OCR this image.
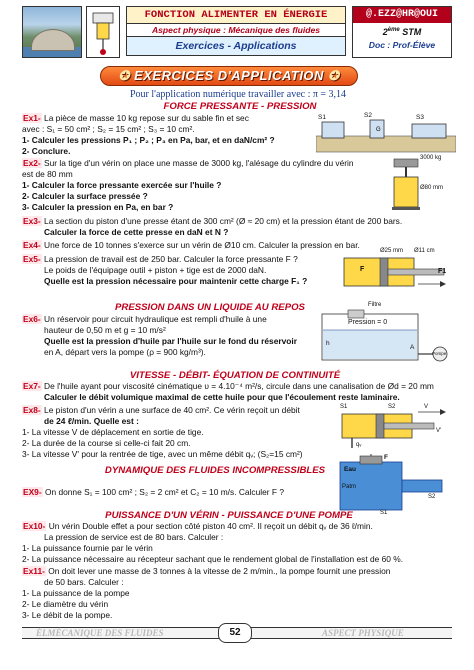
FONCTION ALIMENTER EN ÉNERGIE
Aspect physique : Mécanique des fluides
Exercices - Applications
@.EZZ@HR@OUI
2ème STM
Doc : Prof-Élève
✪ EXERCICES D'APPLICATION ✪
Pour l'application numérique travailler avec : π = 3,14
FORCE PRESSANTE - PRESSION
Ex1- La pièce de masse 10 kg repose sur du sable fin et sec
avec : S₁ = 50 cm² ; S₂ = 15 cm² ; S₃ = 10 cm².
1- Calculer les pressions P₁ ; P₂ ; P₃ en Pa, bar, et en daN/cm² ?
2- Conclure.
G
S1	S2	S3
Ex2- Sur la tige d'un vérin on place une masse de 3000 kg, l'alésage du cylindre du vérin
est de 80 mm
1- Calculer la force pressante exercée sur l'huile ?
2- Calculer la surface pressée ?
3- Calculer la pression en Pa, en bar ?
3000 kg
Ø80 mm
Ex3- La section du piston d'une presse étant de 300 cm² (Ø ≈ 20 cm) et la pression étant de 200 bars.
Calculer la force de cette presse en daN et N ?
Ex4- Une force de 10 tonnes s'exerce sur un vérin de Ø10 cm. Calculer la pression en bar.
Ex5- La pression de travail est de 250 bar. Calculer la force pressante F ?
Le poids de l'équipage outil + piston + tige est de 2000 daN.
Quelle est la pression nécessaire pour maintenir cette charge F₁ ?
Ø25 mm Ø11 cm
F	F1
PRESSION DANS UN LIQUIDE AU REPOS
Ex6- Un réservoir pour circuit hydraulique est rempli d'huile à une
hauteur de 0,50 m et g = 10 m/s²
Quelle est la pression d'huile par l'huile sur le fond du réservoir
en A, départ vers la pompe (ρ = 900 kg/m³).
Filtre
Pression = 0
h
A
Pompe
VITESSE - DÉBIT- ÉQUATION DE CONTINUITÉ
Ex7- De l'huile ayant pour viscosité cinématique υ = 4.10⁻⁴ m²/s, circule dans une canalisation de Ød = 20 mm
Calculer le débit volumique maximal de cette huile pour que l'écoulement reste laminaire.
Ex8- Le piston d'un vérin a une surface de 40 cm². Ce vérin reçoit un débit
de 24 ℓ/min. Quelle est :
1- La vitesse V de déplacement en sortie de tige.
2- La durée de la course si celle-ci fait 20 cm.
3- La vitesse V' pour la rentrée de tige, avec un même débit qᵥ; (S₂=15 cm²)
S1	S2	V
V'
qᵥ
DYNAMIQUE DES FLUIDES INCOMPRESSIBLES
EX9- On donne S₁ = 100 cm² ; S₂ = 2 cm² et C₂ = 10 m/s. Calculer F ?
Eau
F
Patm
S2
S1
PUISSANCE D'UN VÉRIN - PUISSANCE D'UNE POMPE
Ex10- Un vérin Double effet a pour section côté piston 40 cm². Il reçoit un débit qᵥ de 36 ℓ/min.
La pression de service est de 80 bars. Calculer :
1- La puissance fournie par le vérin
2- La puissance nécessaire au récepteur sachant que le rendement global de l'installation est de 60 %.
Ex11- On doit lever une masse de 3 tonnes à la vitesse de 2 m/min., la pompe fournit une pression
de 50 bars. Calculer :
1- La puissance de la pompe
2- Le diamètre du vérin
3- Le débit de la pompe.
ÉLMÉCANIQUE DES FLUIDES	52	ASPECT PHYSIQUE
